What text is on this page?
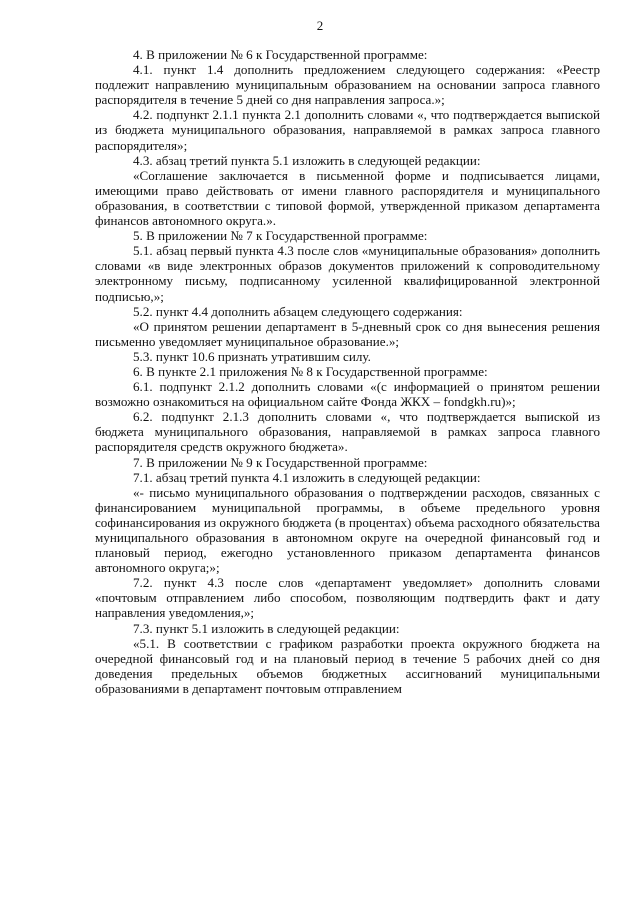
2

4. В приложении № 6 к Государственной программе:

4.1. пункт 1.4 дополнить предложением следующего содержания: «Реестр подлежит направлению муниципальным образованием на основании запроса главного распорядителя в течение 5 дней со дня направления запроса.»;

4.2. подпункт 2.1.1 пункта 2.1 дополнить словами «, что подтверждается выпиской из бюджета муниципального образования, направляемой в рамках запроса главного распорядителя»;

4.3. абзац третий пункта 5.1 изложить в следующей редакции:

«Соглашение заключается в письменной форме и подписывается лицами, имеющими право действовать от имени главного распорядителя и муниципального образования, в соответствии с типовой формой, утвержденной приказом департамента финансов автономного округа.».

5. В приложении № 7 к Государственной программе:

5.1. абзац первый пункта 4.3 после слов «муниципальные образования» дополнить словами «в виде электронных образов документов приложений к сопроводительному электронному письму, подписанному усиленной квалифицированной электронной подписью,»;

5.2. пункт 4.4 дополнить абзацем следующего содержания:

«О принятом решении департамент в 5-дневный срок со дня вынесения решения письменно уведомляет муниципальное образование.»;

5.3. пункт 10.6 признать утратившим силу.

6. В пункте 2.1 приложения № 8 к Государственной программе:

6.1. подпункт 2.1.2 дополнить словами «(с информацией о принятом решении возможно ознакомиться на официальном сайте Фонда ЖКХ – fondgkh.ru)»;

6.2. подпункт 2.1.3 дополнить словами «, что подтверждается выпиской из бюджета муниципального образования, направляемой в рамках запроса главного распорядителя средств окружного бюджета».

7. В приложении № 9 к Государственной программе:

7.1. абзац третий пункта 4.1 изложить в следующей редакции:

«- письмо муниципального образования о подтверждении расходов, связанных с финансированием муниципальной программы, в объеме предельного уровня софинансирования из окружного бюджета (в процентах) объема расходного обязательства муниципального образования в автономном округе на очередной финансовый год и плановый период, ежегодно установленного приказом департамента финансов автономного округа;»;

7.2. пункт 4.3 после слов «департамент уведомляет» дополнить словами «почтовым отправлением либо способом, позволяющим подтвердить факт и дату направления уведомления,»;

7.3. пункт 5.1 изложить в следующей редакции:

«5.1. В соответствии с графиком разработки проекта окружного бюджета на очередной финансовый год и на плановый период в течение 5 рабочих дней со дня доведения предельных объемов бюджетных ассигнований муниципальными образованиями в департамент почтовым отправлением
